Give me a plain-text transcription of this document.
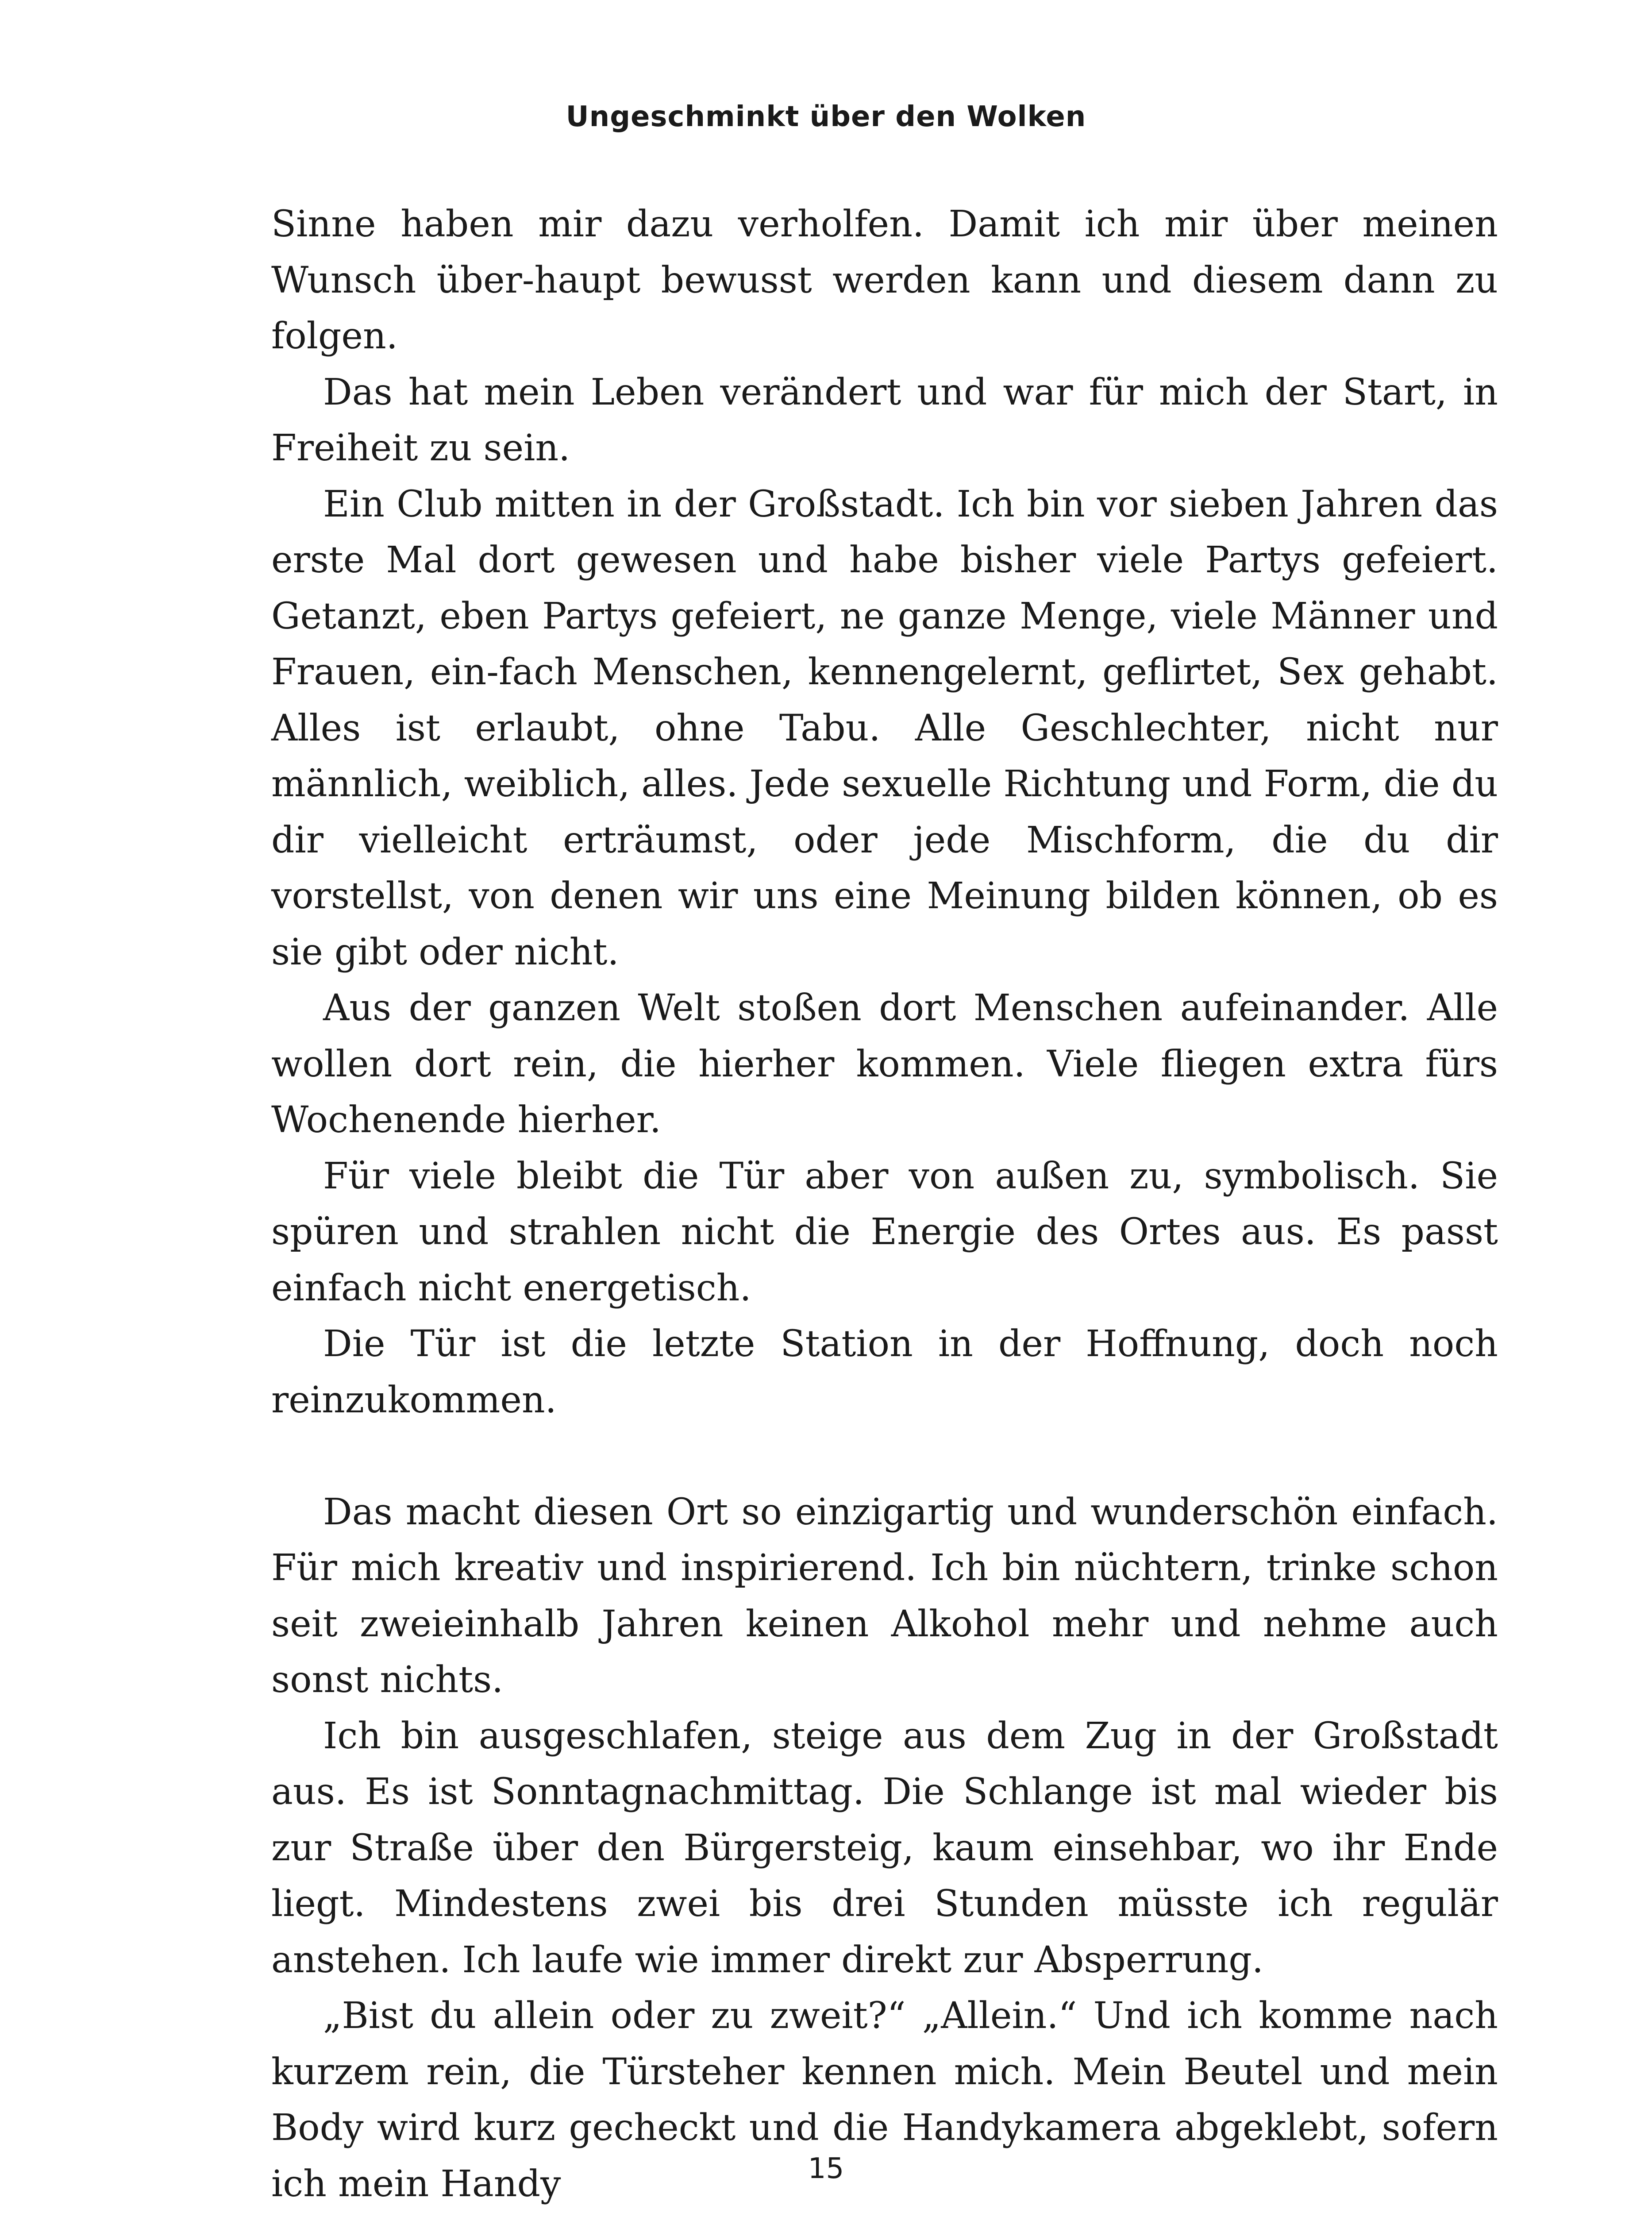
Ungeschminkt über den Wolken

Sinne haben mir dazu verholfen. Damit ich mir über meinen Wunsch über-haupt bewusst werden kann und diesem dann zu folgen.

Das hat mein Leben verändert und war für mich der Start, in Freiheit zu sein.

Ein Club mitten in der Großstadt. Ich bin vor sieben Jahren das erste Mal dort gewesen und habe bisher viele Partys gefeiert. Getanzt, eben Partys gefeiert, ne ganze Menge, viele Männer und Frauen, ein-fach Menschen, kennengelernt, geflirtet, Sex gehabt. Alles ist erlaubt, ohne Tabu. Alle Geschlechter, nicht nur männlich, weiblich, alles. Jede sexuelle Richtung und Form, die du dir vielleicht erträumst, oder jede Mischform, die du dir vorstellst, von denen wir uns eine Meinung bilden können, ob es sie gibt oder nicht.

Aus der ganzen Welt stoßen dort Menschen aufeinander. Alle wollen dort rein, die hierher kommen. Viele fliegen extra fürs Wochenende hierher.

Für viele bleibt die Tür aber von außen zu, symbolisch. Sie spüren und strahlen nicht die Energie des Ortes aus. Es passt einfach nicht energetisch.

Die Tür ist die letzte Station in der Hoffnung, doch noch reinzukommen.

Das macht diesen Ort so einzigartig und wunderschön einfach. Für mich kreativ und inspirierend. Ich bin nüchtern, trinke schon seit zweieinhalb Jahren keinen Alkohol mehr und nehme auch sonst nichts.

Ich bin ausgeschlafen, steige aus dem Zug in der Großstadt aus. Es ist Sonntagnachmittag. Die Schlange ist mal wieder bis zur Straße über den Bürgersteig, kaum einsehbar, wo ihr Ende liegt. Mindestens zwei bis drei Stunden müsste ich regulär anstehen. Ich laufe wie immer direkt zur Absperrung.

„Bist du allein oder zu zweit?“ „Allein.“ Und ich komme nach kurzem rein, die Türsteher kennen mich. Mein Beutel und mein Body wird kurz gecheckt und die Handykamera abgeklebt, sofern ich mein Handy	15
